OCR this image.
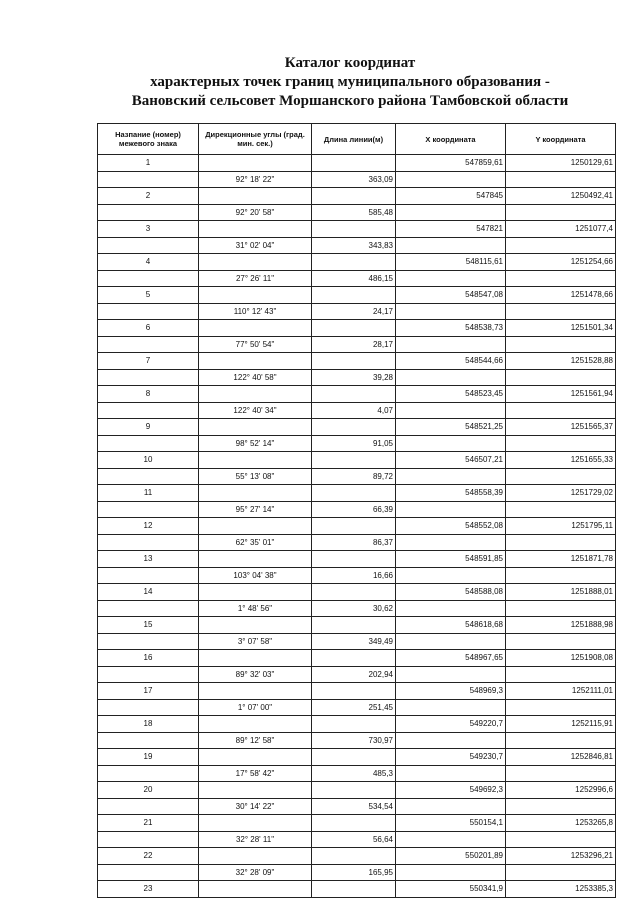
Каталог координат
характерных точек границ муниципального образования -
Вановский сельсовет Моршанского района Тамбовской области
Назпание (номер) межевого знака	Дирекционные углы (град. мин. сек.)	Длина линии(м)	X координата	Y координата
1			547859,61	1250129,61
	92° 18' 22"	363,09		
2			547845	1250492,41
	92° 20' 58"	585,48		
3			547821	1251077,4
	31° 02' 04"	343,83		
4			548115,61	1251254,66
	27° 26' 11"	486,15		
5			548547,08	1251478,66
	110° 12' 43"	24,17		
6			548538,73	1251501,34
	77° 50' 54"	28,17		
7			548544,66	1251528,88
	122° 40' 58"	39,28		
8			548523,45	1251561,94
	122° 40' 34"	4,07		
9			548521,25	1251565,37
	98° 52' 14"	91,05		
10			546507,21	1251655,33
	55° 13' 08"	89,72		
11			548558,39	1251729,02
	95° 27' 14"	66,39		
12			548552,08	1251795,11
	62° 35' 01"	86,37		
13			548591,85	1251871,78
	103° 04' 38"	16,66		
14			548588,08	1251888,01
	1° 48' 56"	30,62		
15			548618,68	1251888,98
	3° 07' 58"	349,49		
16			548967,65	1251908,08
	89° 32' 03"	202,94		
17			548969,3	1252111,01
	1° 07' 00"	251,45		
18			549220,7	1252115,91
	89° 12' 58"	730,97		
19			549230,7	1252846,81
	17° 58' 42"	485,3		
20			549692,3	1252996,6
	30° 14' 22"	534,54		
21			550154,1	1253265,8
	32° 28' 11"	56,64		
22			550201,89	1253296,21
	32° 28' 09"	165,95		
23			550341,9	1253385,3
